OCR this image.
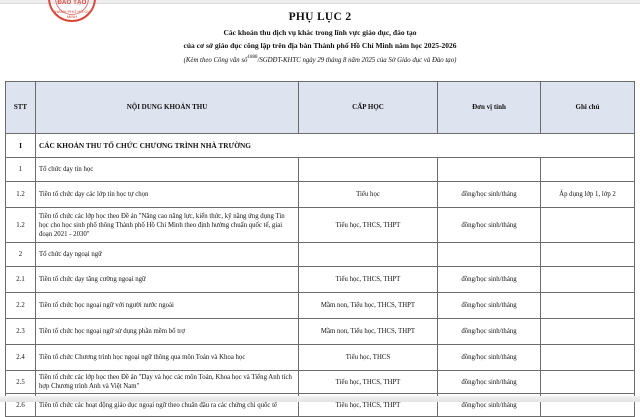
ĐÀO TẠO
THÀNH PHỐ HỒ CHÍ MINH	PHỤ LỤC 2
Các khoản thu dịch vụ khác trong lĩnh vực giáo dục, đào tạo
của cơ sở giáo dục công lập trên địa bàn Thành phố Hồ Chí Minh năm học 2025-2026
(Kèm theo Công văn số$^{1888}$/SGDĐT-KHTC ngày 29 tháng 8 năm 2025 của Sở Giáo dục và Đào tạo)
STT	NỘI DUNG KHOẢN THU	CẤP HỌC	Đơn vị tính	Ghi chú
I	CÁC KHOẢN THU TỔ CHỨC CHƯƠNG TRÌNH NHÀ TRƯỜNG			
1	Tổ chức dạy tin học			
1.2	Tiền tổ chức dạy các lớp tin học tự chọn	Tiểu học	đồng/học sinh/tháng	Áp dụng lớp 1, lớp 2
1.2	Tiền tổ chức các lớp học theo Đề án "Nâng cao năng lực, kiến thức, kỹ năng ứng dụng Tin học cho học sinh phổ thông Thành phố Hồ Chí Minh theo định hướng chuẩn quốc tế, giai đoạn 2021 - 2030"	Tiểu học, THCS, THPT	đồng/học sinh/tháng	
2	Tổ chức dạy ngoại ngữ			
2.1	Tiền tổ chức dạy tăng cường ngoại ngữ	Tiểu học, THCS, THPT	đồng/học sinh/tháng	
2.2	Tiền tổ chức học ngoại ngữ với người nước ngoài	Mầm non, Tiểu học, THCS, THPT	đồng/học sinh/tháng	
2.3	Tiền tổ chức học ngoại ngữ sử dụng phần mềm bổ trợ	Mầm non, Tiểu học, THCS, THPT	đồng/học sinh/tháng	
2.4	Tiền tổ chức Chương trình học ngoại ngữ thông qua môn Toán và Khoa học	Tiểu học, THCS	đồng/học sinh/tháng	
2.5	Tiền tổ chức các lớp học theo Đề án "Dạy và học các môn Toán, Khoa học và Tiếng Anh tích hợp Chương trình Anh và Việt Nam"	Tiểu học, THCS, THPT	đồng/học sinh/tháng	
2.6	Tiền tổ chức các hoạt động giáo dục ngoại ngữ theo chuẩn đầu ra các chứng chỉ quốc tế	Tiểu học, THCS, THPT	đồng/học sinh/tháng	
